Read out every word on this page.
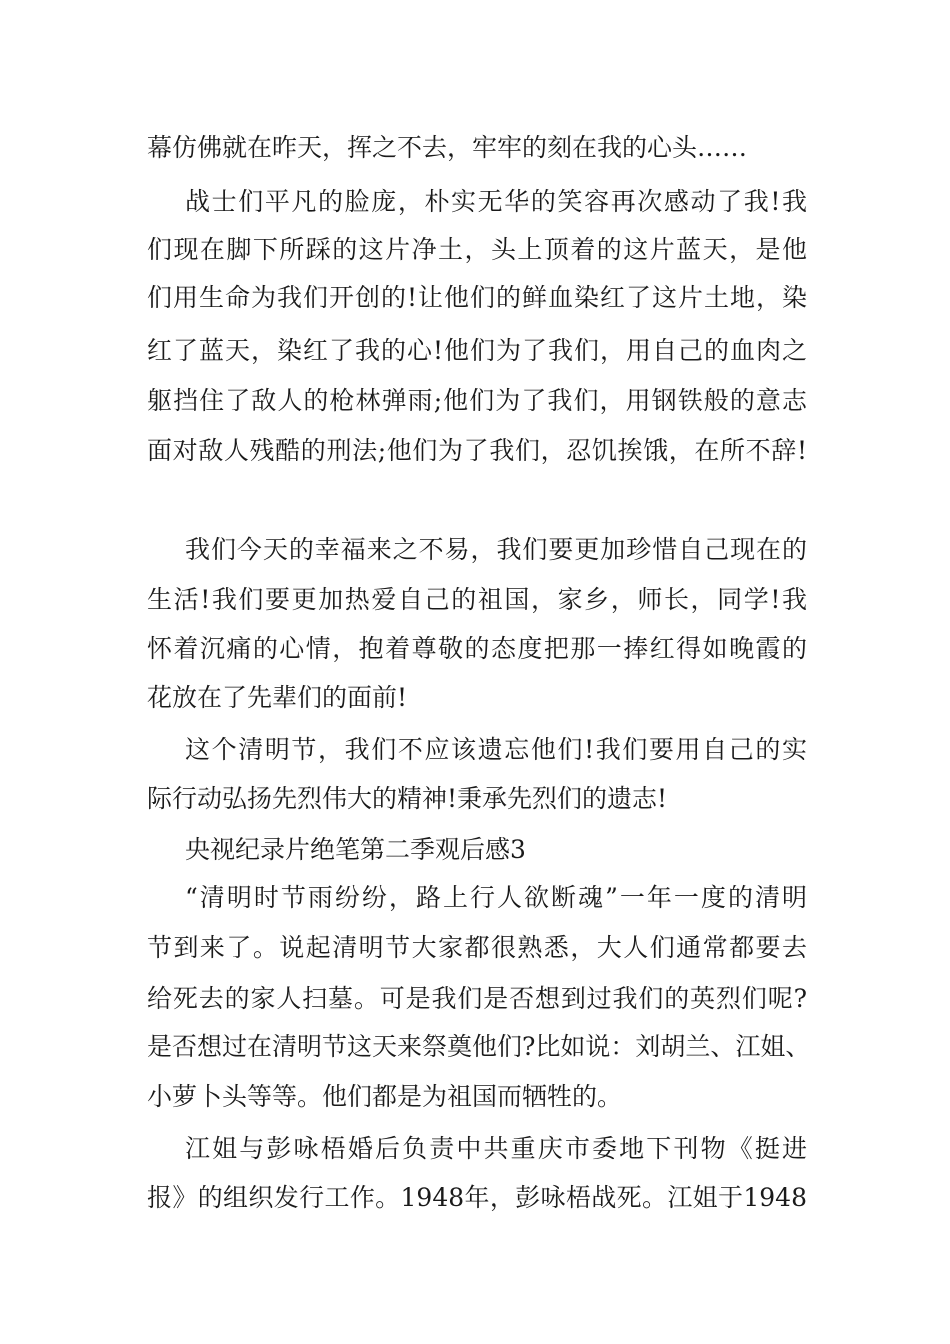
幕仿佛就在昨天，挥之不去，牢牢的刻在我的心头……
战士们平凡的脸庞，朴实无华的笑容再次感动了我!我
们现在脚下所踩的这片净土，头上顶着的这片蓝天，是他
们用生命为我们开创的!让他们的鲜血染红了这片土地，染
红了蓝天，染红了我的心!他们为了我们，用自己的血肉之
躯挡住了敌人的枪林弹雨;他们为了我们，用钢铁般的意志
面对敌人残酷的刑法;他们为了我们，忍饥挨饿，在所不辞!
我们今天的幸福来之不易，我们要更加珍惜自己现在的
生活!我们要更加热爱自己的祖国，家乡，师长，同学!我
怀着沉痛的心情，抱着尊敬的态度把那一捧红得如晚霞的
花放在了先辈们的面前!
这个清明节，我们不应该遗忘他们!我们要用自己的实
际行动弘扬先烈伟大的精神!秉承先烈们的遗志!
央视纪录片绝笔第二季观后感3
“清明时节雨纷纷，路上行人欲断魂”一年一度的清明
节到来了。说起清明节大家都很熟悉，大人们通常都要去
给死去的家人扫墓。可是我们是否想到过我们的英烈们呢?
是否想过在清明节这天来祭奠他们?比如说：刘胡兰、江姐、
小萝卜头等等。他们都是为祖国而牺牲的。
江姐与彭咏梧婚后负责中共重庆市委地下刊物《挺进
报》的组织发行工作。1948年，彭咏梧战死。江姐于1948
